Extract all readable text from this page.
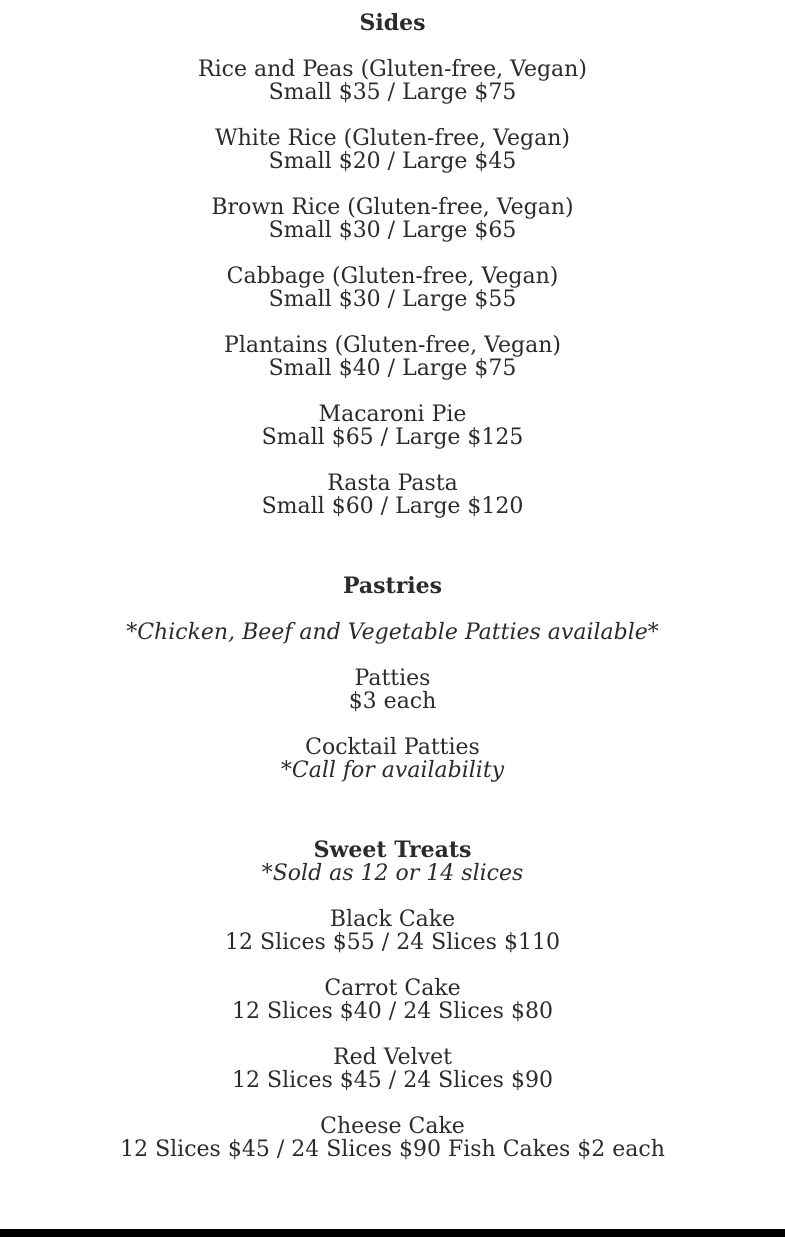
Sides

Rice and Peas (Gluten-free, Vegan)
Small $35 / Large $75

White Rice (Gluten-free, Vegan)
Small $20 / Large $45

Brown Rice (Gluten-free, Vegan)
Small $30 / Large $65

Cabbage (Gluten-free, Vegan)
Small $30 / Large $55

Plantains (Gluten-free, Vegan)
Small $40 / Large $75

Macaroni Pie
Small $65 / Large $125

Rasta Pasta
Small $60 / Large $120

Pastries

*Chicken, Beef and Vegetable Patties available*

Patties
$3 each

Cocktail Patties
*Call for availability

Sweet Treats

*Sold as 12 or 14 slices

Black Cake
12 Slices $55 / 24 Slices $110

Carrot Cake
12 Slices $40 / 24 Slices $80

Red Velvet
12 Slices $45 / 24 Slices $90

Cheese Cake
12 Slices $45 / 24 Slices $90 Fish Cakes $2 each
